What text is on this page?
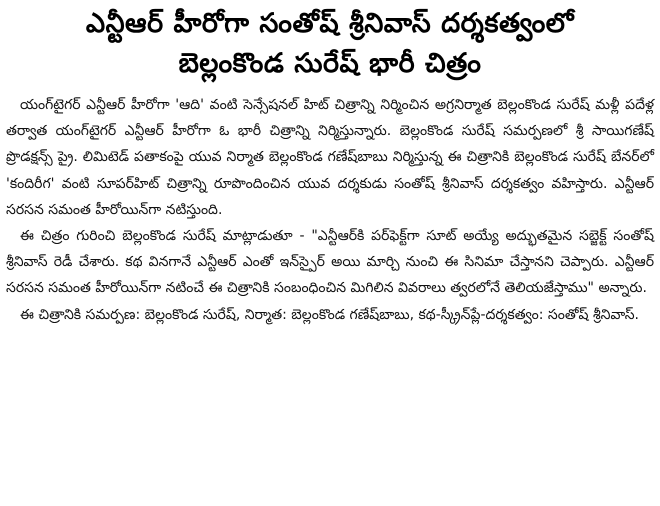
ఎన్టీఆర్ హీరోగా సంతోష్ శ్రీనివాస్ దర్శకత్వంలో
బెల్లంకొండ సురేష్ భారీ చిత్రం

యంగ్‌టైగర్ ఎన్టీఆర్ హీరోగా 'ఆది' వంటి సెన్సేషనల్ హిట్ చిత్రాన్ని నిర్మించిన అగ్రనిర్మాత బెల్లంకొండ సురేష్ మళ్లీ పదేళ్ల తర్వాత యంగ్‌టైగర్ ఎన్టీఆర్ హీరోగా ఓ భారీ చిత్రాన్ని నిర్మిస్తున్నారు. బెల్లంకొండ సురేష్ సమర్పణలో శ్రీ సాయిగణేష్ ప్రొడక్షన్స్ ప్రై. లిమిటెడ్ పతాకంపై యువ నిర్మాత బెల్లంకొండ గణేష్‌బాబు నిర్మిస్తున్న ఈ చిత్రానికి బెల్లంకొండ సురేష్ బేనర్‌లో 'కందిరీగ' వంటి సూపర్‌హిట్ చిత్రాన్ని రూపొందించిన యువ దర్శకుడు సంతోష్ శ్రీనివాస్ దర్శకత్వం వహిస్తారు. ఎన్టీఆర్ సరసన సమంత హీరోయిన్‌గా నటిస్తుంది.

ఈ చిత్రం గురించి బెల్లంకొండ సురేష్ మాట్లాడుతూ - "ఎన్టీఆర్‌కి పర్‌ఫెక్ట్‌గా సూట్ అయ్యే అద్భుతమైన సబ్జెక్ట్ సంతోష్ శ్రీనివాస్ రెడీ చేశారు. కథ వినగానే ఎన్టీఆర్ ఎంతో ఇన్‌స్పైర్ అయి మార్చి నుంచి ఈ సినిమా చేస్తానని చెప్పారు. ఎన్టీఆర్ సరసన సమంత హీరోయిన్‌గా నటించే ఈ చిత్రానికి సంబంధించిన మిగిలిన వివరాలు త్వరలోనే తెలియజేస్తాము" అన్నారు.

ఈ చిత్రానికి సమర్పణ: బెల్లంకొండ సురేష్, నిర్మాత: బెల్లంకొండ గణేష్‌బాబు, కథ-స్క్రీన్‌ప్లే-దర్శకత్వం: సంతోష్ శ్రీనివాస్.
